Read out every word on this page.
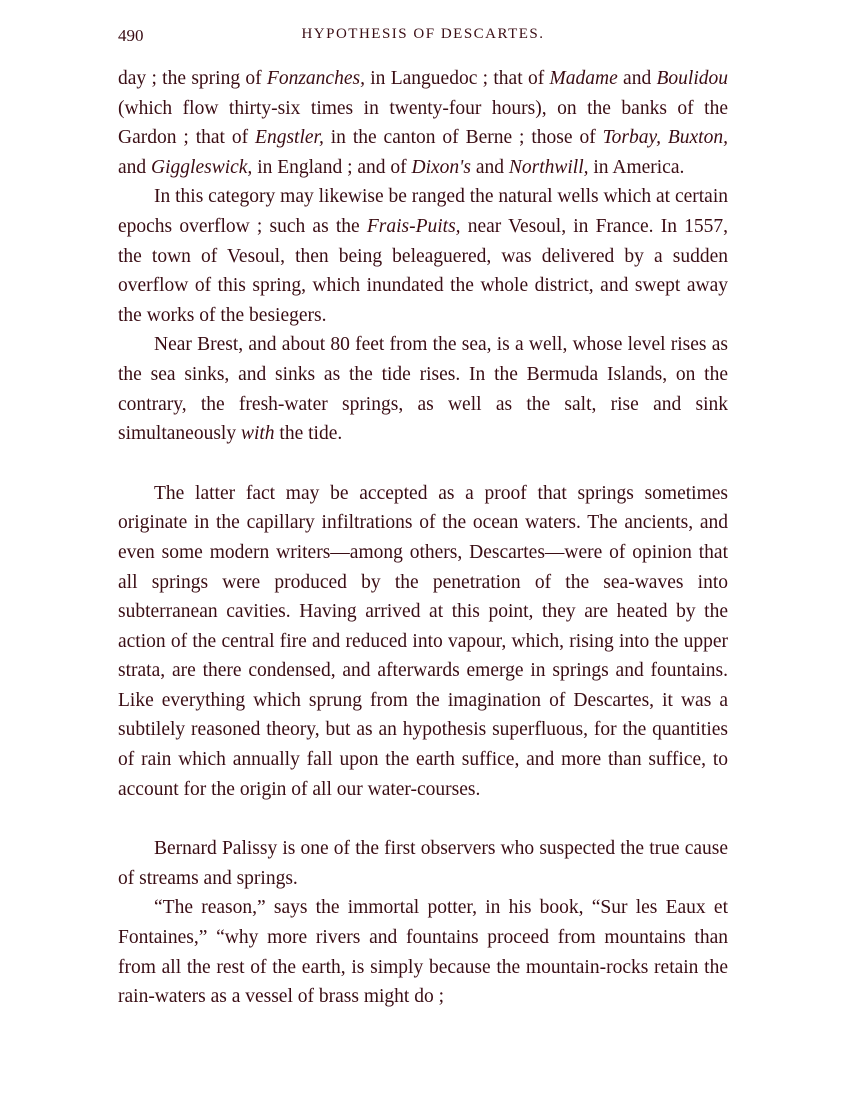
490	HYPOTHESIS OF DESCARTES.

day ; the spring of Fonzanches, in Languedoc ; that of Madame and Boulidou (which flow thirty-six times in twenty-four hours), on the banks of the Gardon ; that of Engstler, in the canton of Berne ; those of Torbay, Buxton, and Giggleswick, in England ; and of Dixon's and Northwill, in America.

In this category may likewise be ranged the natural wells which at certain epochs overflow ; such as the Frais-Puits, near Vesoul, in France. In 1557, the town of Vesoul, then being beleaguered, was delivered by a sudden overflow of this spring, which inundated the whole district, and swept away the works of the besiegers.

Near Brest, and about 80 feet from the sea, is a well, whose level rises as the sea sinks, and sinks as the tide rises. In the Bermuda Islands, on the contrary, the fresh-water springs, as well as the salt, rise and sink simultaneously with the tide.

The latter fact may be accepted as a proof that springs sometimes originate in the capillary infiltrations of the ocean waters. The ancients, and even some modern writers—among others, Descartes—were of opinion that all springs were produced by the penetration of the sea-waves into subterranean cavities. Having arrived at this point, they are heated by the action of the central fire and reduced into vapour, which, rising into the upper strata, are there condensed, and afterwards emerge in springs and fountains. Like everything which sprung from the imagination of Descartes, it was a subtilely reasoned theory, but as an hypothesis superfluous, for the quantities of rain which annually fall upon the earth suffice, and more than suffice, to account for the origin of all our water-courses.

Bernard Palissy is one of the first observers who suspected the true cause of streams and springs.

“The reason,” says the immortal potter, in his book, “Sur les Eaux et Fontaines,” “why more rivers and fountains proceed from mountains than from all the rest of the earth, is simply because the mountain-rocks retain the rain-waters as a vessel of brass might do ;
